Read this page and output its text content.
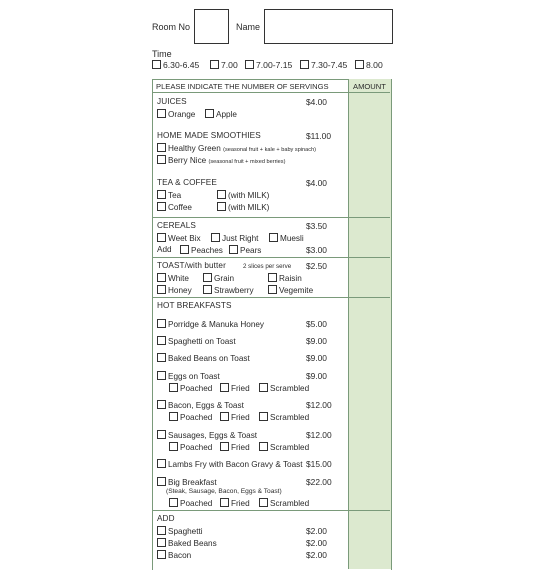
Room No	Name
Time
6.30-6.45	7.00	7.00-7.15	7.30-7.45	8.00
PLEASE INDICATE THE NUMBER OF SERVINGS	AMOUNT
JUICES	$4.00
Orange	Apple
HOME MADE SMOOTHIES	$11.00
Healthy Green (seasonal fruit + kale + baby spinach)
Berry Nice (seasonal fruit + mixed berries)
TEA & COFFEE	$4.00
Tea	(with MILK)
Coffee	(with MILK)
CEREALS	$3.50
Weet Bix	Just Right	Muesli
Add	Peaches	Pears	$3.00
TOAST/with butter	2 slices per serve $2.50
White	Grain	Raisin
Honey	Strawberry	Vegemite
HOT BREAKFASTS
Porridge & Manuka Honey	$5.00
Spaghetti on Toast	$9.00
Baked Beans on Toast	$9.00
Eggs on Toast	$9.00
Poached	Fried	Scrambled
Bacon, Eggs & Toast	$12.00
Poached	Fried	Scrambled
Sausages, Eggs & Toast	$12.00
Poached	Fried	Scrambled
Lambs Fry with Bacon Gravy & Toast $15.00
Big Breakfast	$22.00
(Steak, Sausage, Bacon, Eggs & Toast)
Poached	Fried	Scrambled
ADD
Spaghetti	$2.00
Baked Beans	$2.00
Bacon	$2.00
